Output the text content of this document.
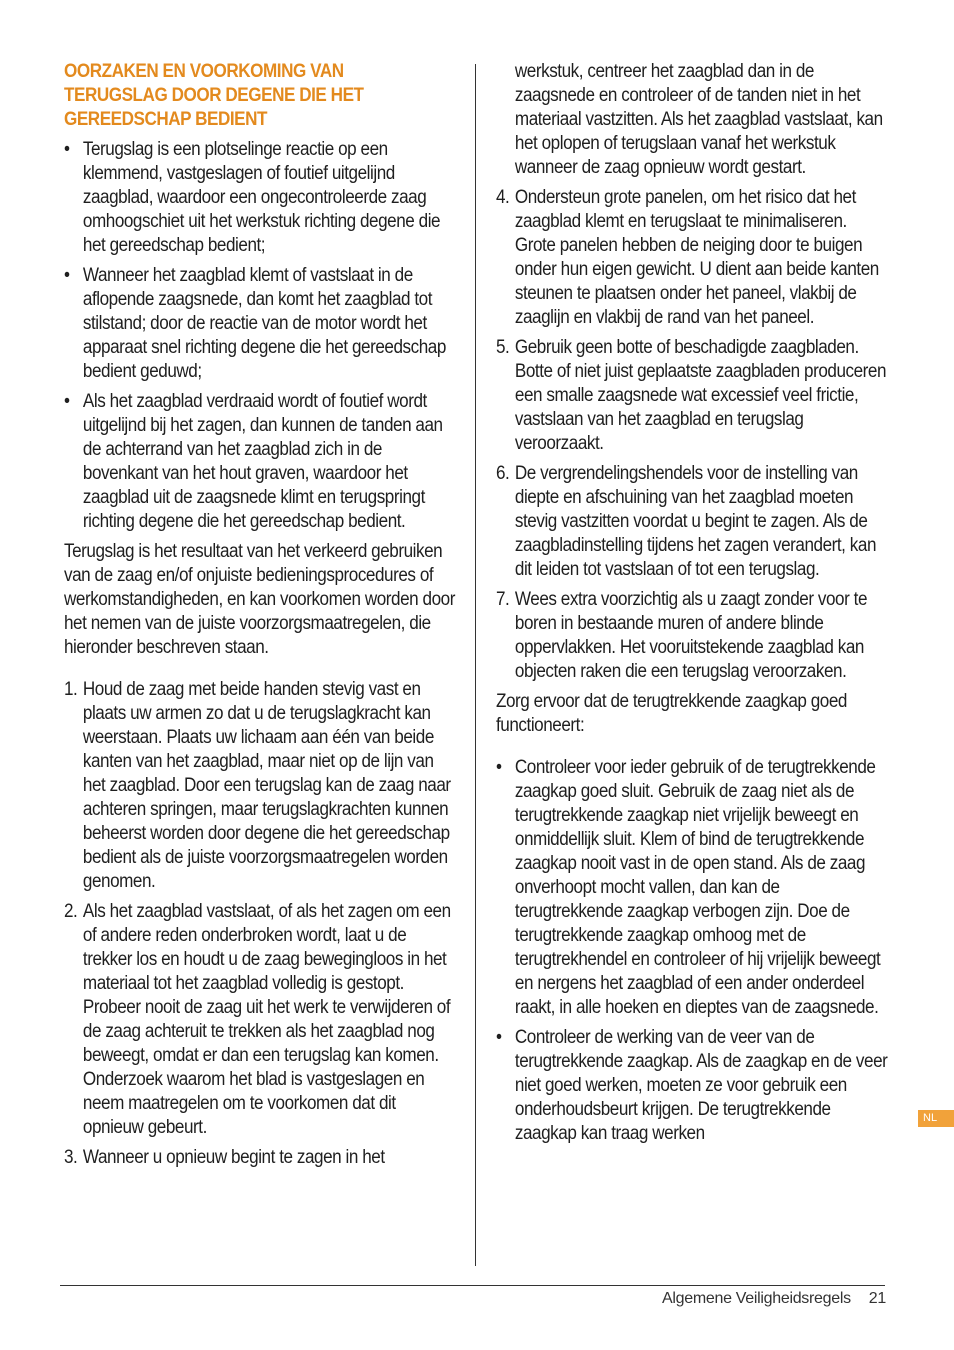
OORZAKEN EN VOORKOMING VAN
TERUGSLAG DOOR DEGENE DIE HET
GEREEDSCHAP BEDIENT
• Terugslag is een plotselinge reactie op een klemmend, vastgeslagen of foutief uitgelijnd zaagblad, waardoor een ongecontroleerde zaag omhoogschiet uit het werkstuk richting degene die het gereedschap bedient;
• Wanneer het zaagblad klemt of vastslaat in de aflopende zaagsnede, dan komt het zaagblad tot stilstand; door de reactie van de motor wordt het apparaat snel richting degene die het gereedschap bedient geduwd;
• Als het zaagblad verdraaid wordt of foutief wordt uitgelijnd bij het zagen, dan kunnen de tanden aan de achterrand van het zaagblad zich in de bovenkant van het hout graven, waardoor het zaagblad uit de zaagsnede klimt en terugspringt richting degene die het gereedschap bedient.

Terugslag is het resultaat van het verkeerd gebruiken van de zaag en/of onjuiste bedieningsprocedures of werkomstandigheden, en kan voorkomen worden door het nemen van de juiste voorzorgsmaatregelen, die hieronder beschreven staan.

1. Houd de zaag met beide handen stevig vast en plaats uw armen zo dat u de terugslagkracht kan weerstaan. Plaats uw lichaam aan één van beide kanten van het zaagblad, maar niet op de lijn van het zaagblad. Door een terugslag kan de zaag naar achteren springen, maar terugslagkrachten kunnen beheerst worden door degene die het gereedschap bedient als de juiste voorzorgsmaatregelen worden genomen.
2. Als het zaagblad vastslaat, of als het zagen om een of andere reden onderbroken wordt, laat u de trekker los en houdt u de zaag bewegingloos in het materiaal tot het zaagblad volledig is gestopt. Probeer nooit de zaag uit het werk te verwijderen of de zaag achteruit te trekken als het zaagblad nog beweegt, omdat er dan een terugslag kan komen. Onderzoek waarom het blad is vastgeslagen en neem maatregelen om te voorkomen dat dit opnieuw gebeurt.
3. Wanneer u opnieuw begint te zagen in het

werkstuk, centreer het zaagblad dan in de zaagsnede en controleer of de tanden niet in het materiaal vastzitten. Als het zaagblad vastslaat, kan het oplopen of terugslaan vanaf het werkstuk wanneer de zaag opnieuw wordt gestart.

4. Ondersteun grote panelen, om het risico dat het zaagblad klemt en terugslaat te minimaliseren. Grote panelen hebben de neiging door te buigen onder hun eigen gewicht. U dient aan beide kanten steunen te plaatsen onder het paneel, vlakbij de zaaglijn en vlakbij de rand van het paneel.
5. Gebruik geen botte of beschadigde zaagbladen. Botte of niet juist geplaatste zaagbladen produceren een smalle zaagsnede wat excessief veel frictie, vastslaan van het zaagblad en terugslag veroorzaakt.
6. De vergrendelingshendels voor de instelling van diepte en afschuining van het zaagblad moeten stevig vastzitten voordat u begint te zagen. Als de zaagbladinstelling tijdens het zagen verandert, kan dit leiden tot vastslaan of tot een terugslag.
7. Wees extra voorzichtig als u zaagt zonder voor te boren in bestaande muren of andere blinde oppervlakken. Het vooruitstekende zaagblad kan objecten raken die een terugslag veroorzaken.

Zorg ervoor dat de terugtrekkende zaagkap goed functioneert:

• Controleer voor ieder gebruik of de terugtrekkende zaagkap goed sluit. Gebruik de zaag niet als de terugtrekkende zaagkap niet vrijelijk beweegt en onmiddellijk sluit. Klem of bind de terugtrekkende zaagkap nooit vast in de open stand. Als de zaag onverhoopt mocht vallen, dan kan de terugtrekkende zaagkap verbogen zijn. Doe de terugtrekkende zaagkap omhoog met de terugtrekhendel en controleer of hij vrijelijk beweegt en nergens het zaagblad of een ander onderdeel raakt, in alle hoeken en dieptes van de zaagsnede.
• Controleer de werking van de veer van de terugtrekkende zaagkap. Als de zaagkap en de veer niet goed werken, moeten ze voor gebruik een onderhoudsbeurt krijgen. De terugtrekkende zaagkap kan traag werken
NL
Algemene Veiligheidsregels 21
